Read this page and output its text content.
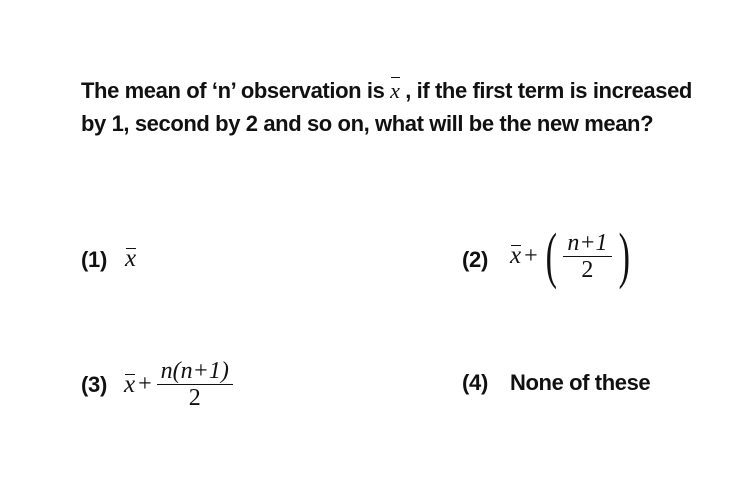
The mean of ‘n’ observation is x , if the first term is increased
by 1, second by 2 and so on, what will be the new mean?
(1) x	(2) x + ( $\frac{n+1}{2}$ )
(3) $x + \frac{n(n+1)}{2}$	(4) None of these
